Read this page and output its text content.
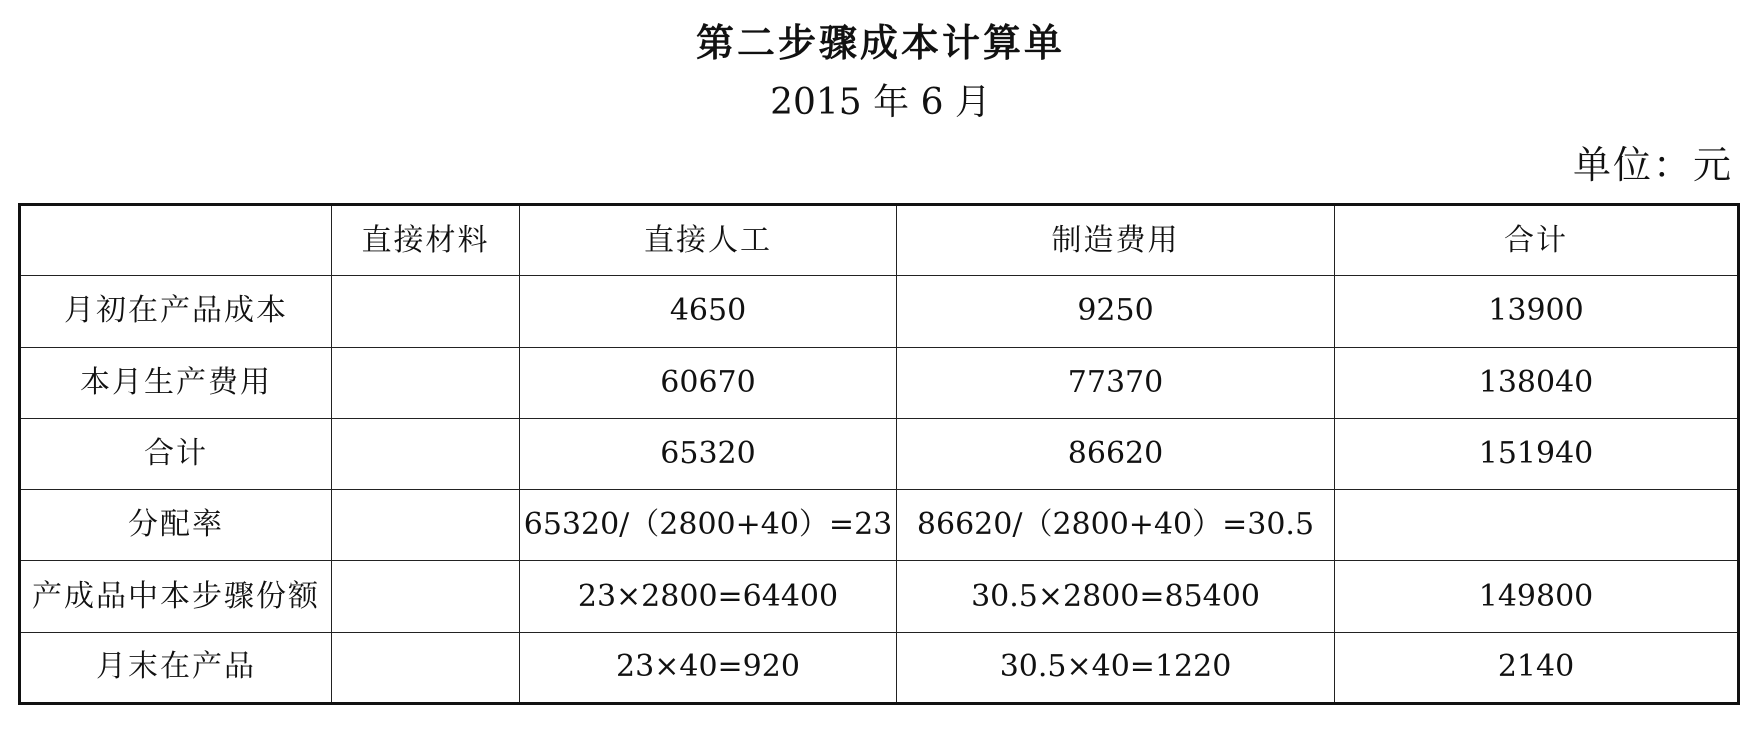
第二步骤成本计算单
2015 年 6 月
单位：元
	直接材料	直接人工	制造费用	合计
月初在产品成本		4650	9250	13900
本月生产费用		60670	77370	138040
合计		65320	86620	151940
分配率		65320/（2800+40）=23	86620/（2800+40）=30.5	
产成品中本步骤份额		23×2800=64400	30.5×2800=85400	149800
月末在产品		23×40=920	30.5×40=1220	2140
